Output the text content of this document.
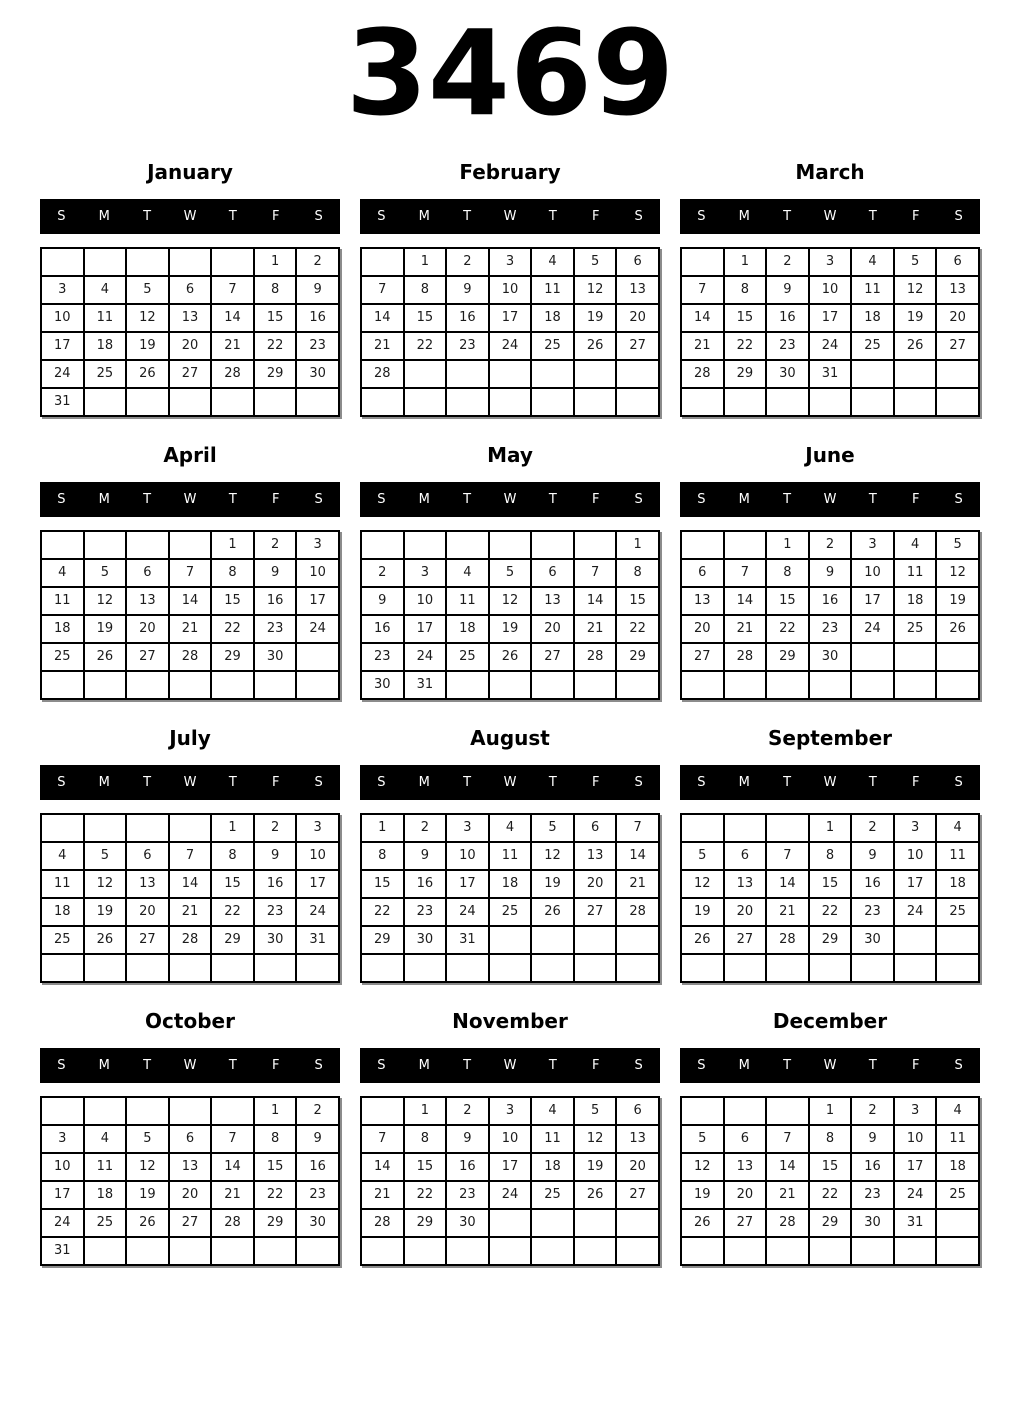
3469
January
S	M	T	W	T	F	S
					1	2
3	4	5	6	7	8	9
10	11	12	13	14	15	16
17	18	19	20	21	22	23
24	25	26	27	28	29	30
31						
February
S	M	T	W	T	F	S
	1	2	3	4	5	6
7	8	9	10	11	12	13
14	15	16	17	18	19	20
21	22	23	24	25	26	27
28						

March
S	M	T	W	T	F	S
	1	2	3	4	5	6
7	8	9	10	11	12	13
14	15	16	17	18	19	20
21	22	23	24	25	26	27
28	29	30	31			

April
S	M	T	W	T	F	S
				1	2	3
4	5	6	7	8	9	10
11	12	13	14	15	16	17
18	19	20	21	22	23	24
25	26	27	28	29	30	

May
S	M	T	W	T	F	S
						1
2	3	4	5	6	7	8
9	10	11	12	13	14	15
16	17	18	19	20	21	22
23	24	25	26	27	28	29
30	31					
June
S	M	T	W	T	F	S
		1	2	3	4	5
6	7	8	9	10	11	12
13	14	15	16	17	18	19
20	21	22	23	24	25	26
27	28	29	30			

July
S	M	T	W	T	F	S
				1	2	3
4	5	6	7	8	9	10
11	12	13	14	15	16	17
18	19	20	21	22	23	24
25	26	27	28	29	30	31

August
S	M	T	W	T	F	S
1	2	3	4	5	6	7
8	9	10	11	12	13	14
15	16	17	18	19	20	21
22	23	24	25	26	27	28
29	30	31				

September
S	M	T	W	T	F	S
			1	2	3	4
5	6	7	8	9	10	11
12	13	14	15	16	17	18
19	20	21	22	23	24	25
26	27	28	29	30		

October
S	M	T	W	T	F	S
					1	2
3	4	5	6	7	8	9
10	11	12	13	14	15	16
17	18	19	20	21	22	23
24	25	26	27	28	29	30
31						
November
S	M	T	W	T	F	S
	1	2	3	4	5	6
7	8	9	10	11	12	13
14	15	16	17	18	19	20
21	22	23	24	25	26	27
28	29	30				

December
S	M	T	W	T	F	S
			1	2	3	4
5	6	7	8	9	10	11
12	13	14	15	16	17	18
19	20	21	22	23	24	25
26	27	28	29	30	31	
